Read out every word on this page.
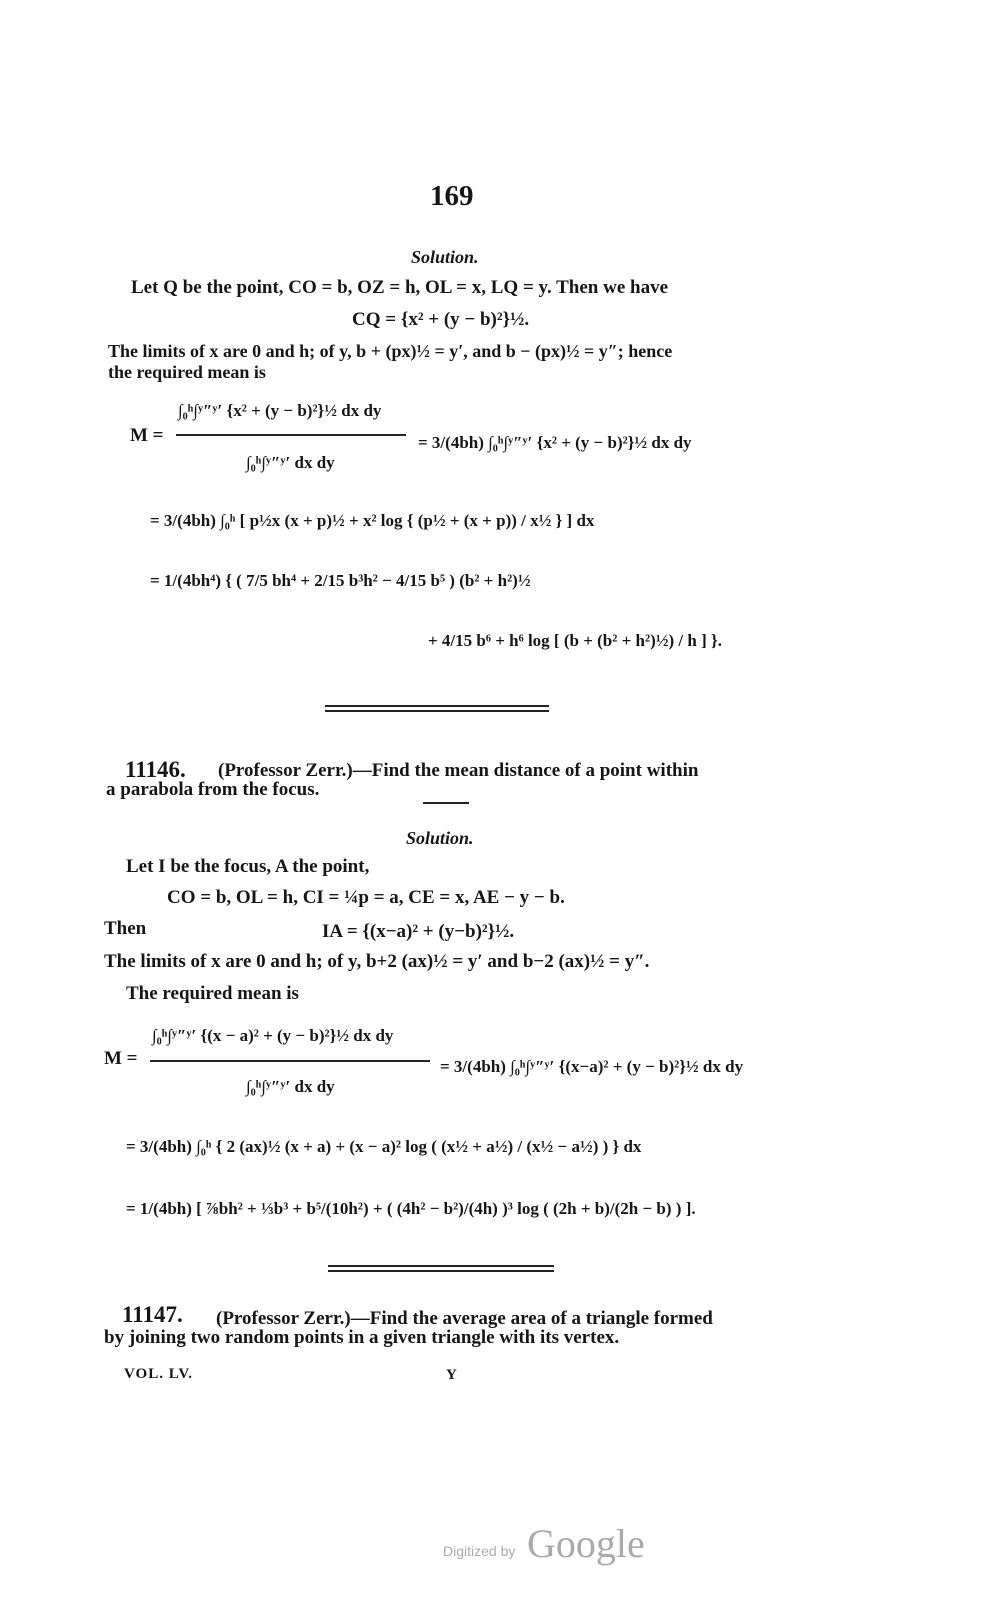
169
Solution.
Let Q be the point, CO = b, OZ = h, OL = x, LQ = y. Then we have
CQ = {x² + (y − b)²}½.
The limits of x are 0 and h; of y, b + (px)½ = y′, and b − (px)½ = y″; hence
the required mean is
M =
∫₀ʰ∫ʸ″ʸ′ {x² + (y − b)²}½ dx dy
∫₀ʰ∫ʸ″ʸ′ dx dy
= 3/(4bh) ∫₀ʰ∫ʸ″ʸ′ {x² + (y − b)²}½ dx dy
= 3/(4bh) ∫₀ʰ [ p½x (x + p)½ + x² log { (p½ + (x + p)) / x½ } ] dx
= 1/(4bh⁴) { ( 7/5 bh⁴ + 2/15 b³h² − 4/15 b⁵ ) (b² + h²)½
+ 4/15 b⁶ + h⁶ log [ (b + (b² + h²)½) / h ] }.
11146. (Professor Zerr.)—Find the mean distance of a point within
a parabola from the focus.
Solution.
Let I be the focus, A the point,
CO = b, OL = h, CI = ¼p = a, CE = x, AE − y − b.
Then	IA = {(x−a)² + (y−b)²}½.
The limits of x are 0 and h; of y, b+2 (ax)½ = y′ and b−2 (ax)½ = y″.
The required mean is
M =
∫₀ʰ∫ʸ″ʸ′ {(x − a)² + (y − b)²}½ dx dy
∫₀ʰ∫ʸ″ʸ′ dx dy
= 3/(4bh) ∫₀ʰ∫ʸ″ʸ′ {(x−a)² + (y − b)²}½ dx dy
= 3/(4bh) ∫₀ʰ { 2 (ax)½ (x + a) + (x − a)² log ( (x½ + a½) / (x½ − a½) ) } dx
= 1/(4bh) [ ⅞bh² + ⅓b³ + b⁵/(10h²) + ( (4h² − b²)/(4h) )³ log ( (2h + b)/(2h − b) ) ].
11147. (Professor Zerr.)—Find the average area of a triangle formed
by joining two random points in a given triangle with its vertex.
VOL. LV.	Y
Digitized by Google
